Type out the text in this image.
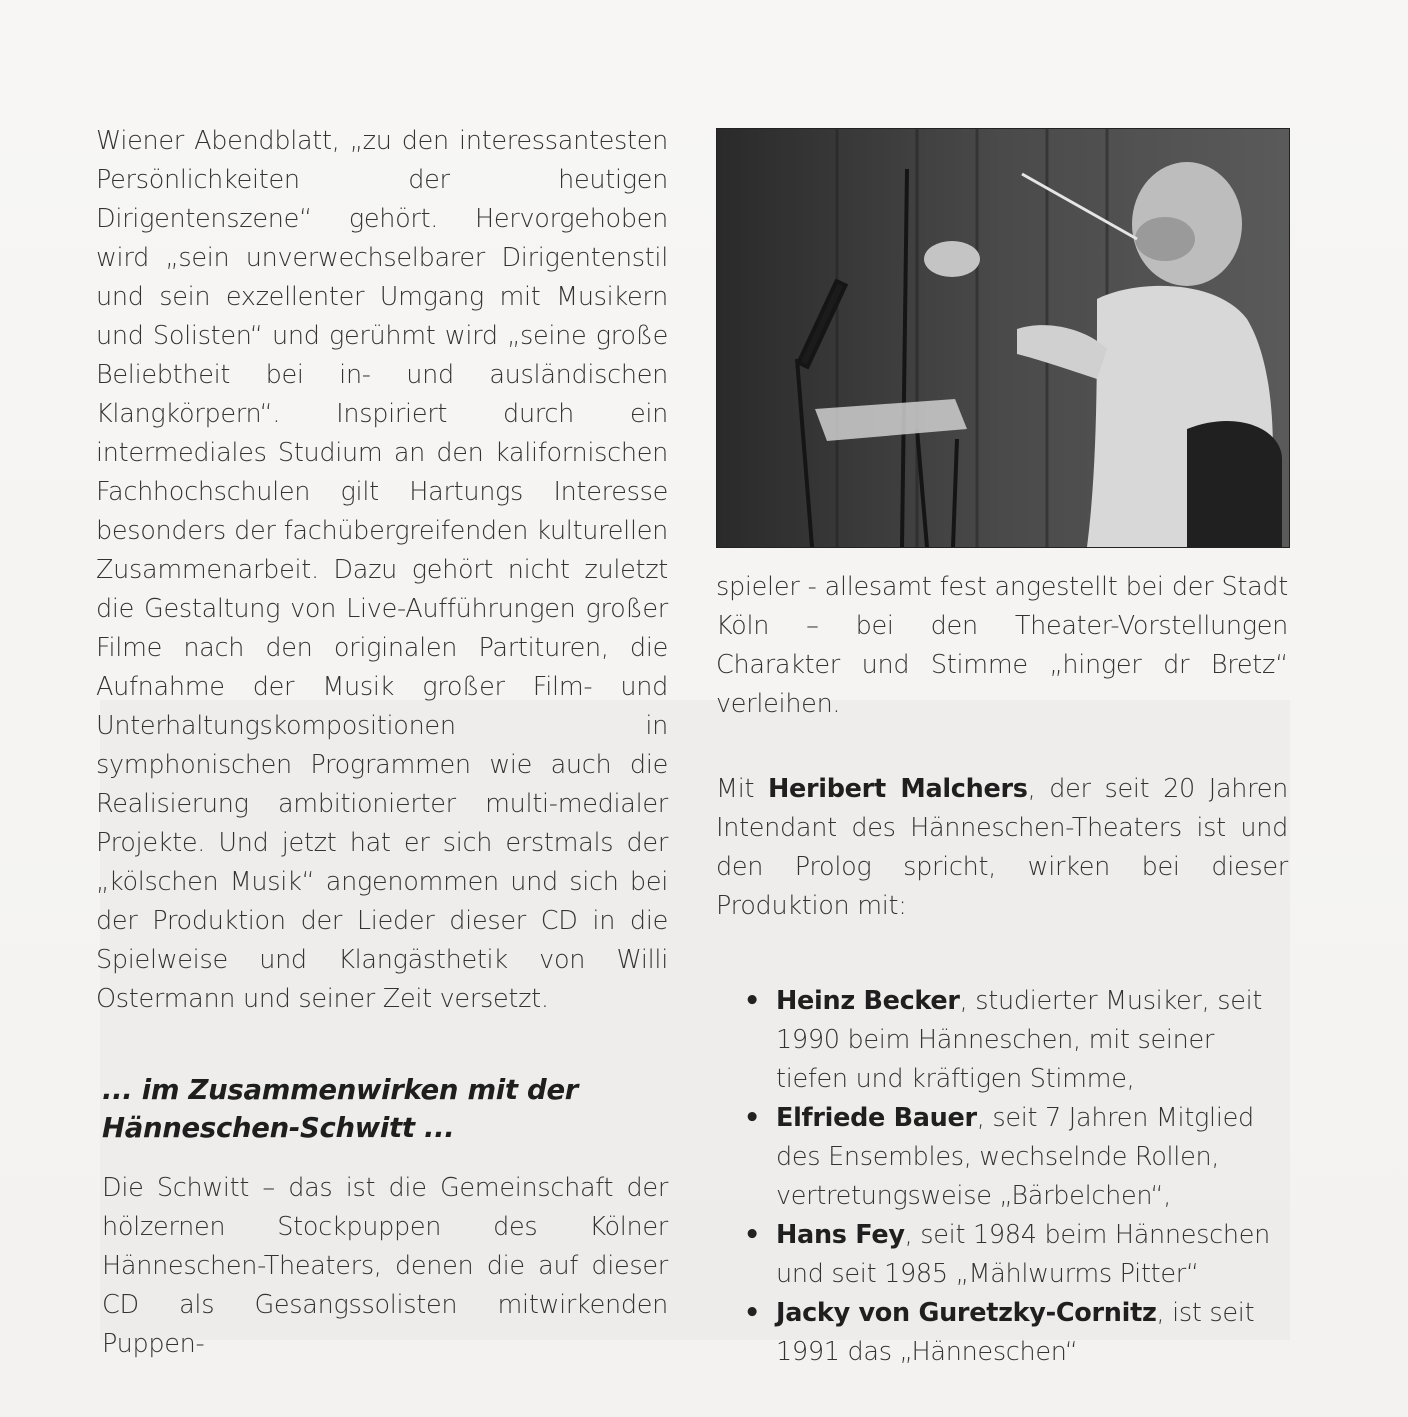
Wiener Abendblatt, „zu den interessantesten Persönlichkeiten der heutigen Dirigentenszene“ gehört. Hervorgehoben wird „sein unverwechselbarer Dirigentenstil und sein exzellenter Umgang mit Musikern und Solisten“ und gerühmt wird „seine große Beliebtheit bei in- und ausländischen Klangkörpern“. Inspiriert durch ein intermediales Studium an den kalifornischen Fachhochschulen gilt Hartungs Interesse besonders der fachübergreifenden kulturellen Zusammenarbeit. Dazu gehört nicht zuletzt die Gestaltung von Live-Aufführungen großer Filme nach den originalen Partituren, die Aufnahme der Musik großer Film- und Unterhaltungskompositionen in symphonischen Programmen wie auch die Realisierung ambitionierter multi-medialer Projekte. Und jetzt hat er sich erstmals der „kölschen Musik“ angenommen und sich bei der Produktion der Lieder dieser CD in die Spielweise und Klangästhetik von Willi Ostermann und seiner Zeit versetzt.

... im Zusammenwirken mit der
Hänneschen-Schwitt ...

Die Schwitt – das ist die Gemeinschaft der hölzernen Stockpuppen des Kölner Hänneschen-Theaters, denen die auf dieser CD als Gesangssolisten mitwirkenden Puppen-

spieler - allesamt fest angestellt bei der Stadt Köln – bei den Theater-Vorstellungen Charakter und Stimme „hinger dr Bretz“ verleihen.

Mit Heribert Malchers, der seit 20 Jahren Intendant des Hänneschen-Theaters ist und den Prolog spricht, wirken bei dieser Produktion mit:

• Heinz Becker, studierter Musiker, seit 1990 beim Hänneschen, mit seiner tiefen und kräftigen Stimme,
• Elfriede Bauer, seit 7 Jahren Mitglied des Ensembles, wechselnde Rollen, vertretungsweise „Bärbelchen“,
• Hans Fey, seit 1984 beim Hänneschen und seit 1985 „Mählwurms Pitter“
• Jacky von Guretzky-Cornitz, ist seit 1991 das „Hänneschen“
